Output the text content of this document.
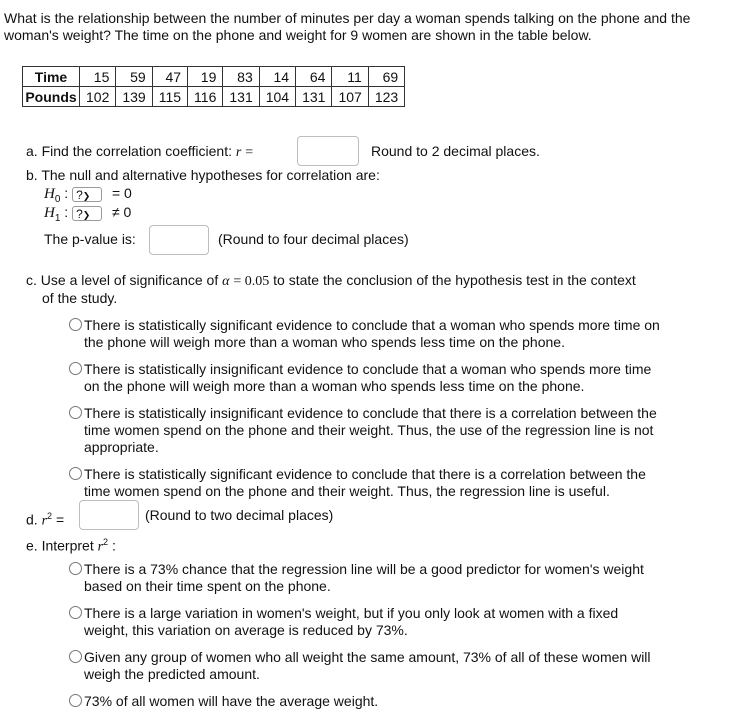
What is the relationship between the number of minutes per day a woman spends talking on the phone and the woman's weight? The time on the phone and weight for 9 women are shown in the table below.
Time	15	59	47	19	83	14	64	11	69
Pounds	102	139	115	116	131	104	131	107	123
a. Find the correlation coefficient: r =	Round to 2 decimal places.
b. The null and alternative hypotheses for correlation are:
$H_0$ : ?❯ = 0
$H_1$ : ?❯ ≠ 0
The p-value is:	(Round to four decimal places)
c. Use a level of significance of α = 0.05 to state the conclusion of the hypothesis test in the context
of the study.
There is statistically significant evidence to conclude that a woman who spends more time on
the phone will weigh more than a woman who spends less time on the phone.
There is statistically insignificant evidence to conclude that a woman who spends more time
on the phone will weigh more than a woman who spends less time on the phone.
There is statistically insignificant evidence to conclude that there is a correlation between the
time women spend on the phone and their weight. Thus, the use of the regression line is not
appropriate.
There is statistically significant evidence to conclude that there is a correlation between the
time women spend on the phone and their weight. Thus, the regression line is useful.
d. $r^2$ =	(Round to two decimal places)
e. Interpret $r^2$ :
There is a 73% chance that the regression line will be a good predictor for women's weight
based on their time spent on the phone.
There is a large variation in women's weight, but if you only look at women with a fixed
weight, this variation on average is reduced by 73%.
Given any group of women who all weight the same amount, 73% of all of these women will
weigh the predicted amount.
73% of all women will have the average weight.
